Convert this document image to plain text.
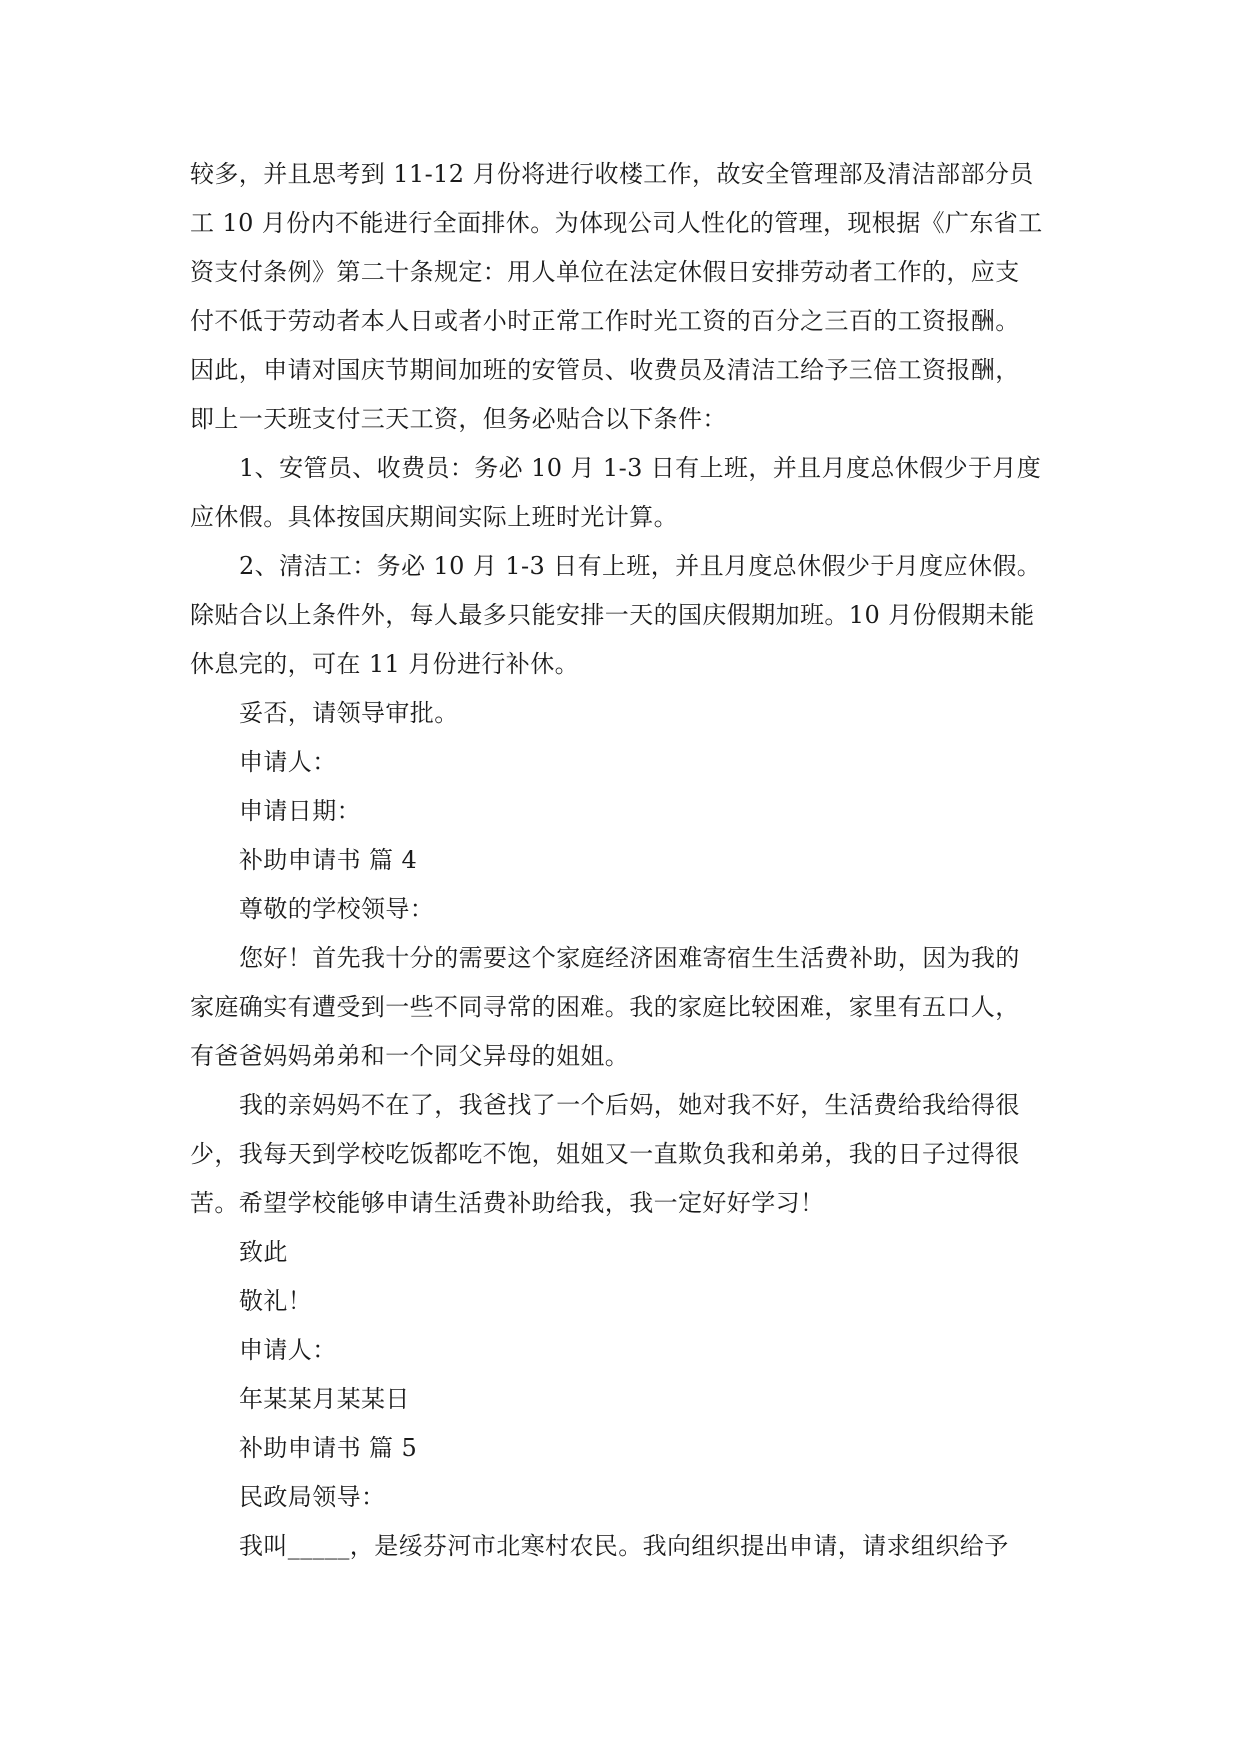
较多，并且思考到 11-12 月份将进行收楼工作，故安全管理部及清洁部部分员

工 10 月份内不能进行全面排休。为体现公司人性化的管理，现根据《广东省工

资支付条例》第二十条规定：用人单位在法定休假日安排劳动者工作的，应支

付不低于劳动者本人日或者小时正常工作时光工资的百分之三百的工资报酬。

因此，申请对国庆节期间加班的安管员、收费员及清洁工给予三倍工资报酬，

即上一天班支付三天工资，但务必贴合以下条件：

1、安管员、收费员：务必 10 月 1-3 日有上班，并且月度总休假少于月度

应休假。具体按国庆期间实际上班时光计算。

2、清洁工：务必 10 月 1-3 日有上班，并且月度总休假少于月度应休假。

除贴合以上条件外，每人最多只能安排一天的国庆假期加班。10 月份假期未能

休息完的，可在 11 月份进行补休。

妥否，请领导审批。

申请人：

申请日期：

补助申请书 篇 4

尊敬的学校领导：

您好！首先我十分的需要这个家庭经济困难寄宿生生活费补助，因为我的

家庭确实有遭受到一些不同寻常的困难。我的家庭比较困难，家里有五口人，

有爸爸妈妈弟弟和一个同父异母的姐姐。

我的亲妈妈不在了，我爸找了一个后妈，她对我不好，生活费给我给得很

少，我每天到学校吃饭都吃不饱，姐姐又一直欺负我和弟弟，我的日子过得很

苦。希望学校能够申请生活费补助给我，我一定好好学习！

致此

敬礼！

申请人：

年某某月某某日

补助申请书 篇 5

民政局领导：

我叫_____，是绥芬河市北寒村农民。我向组织提出申请，请求组织给予
